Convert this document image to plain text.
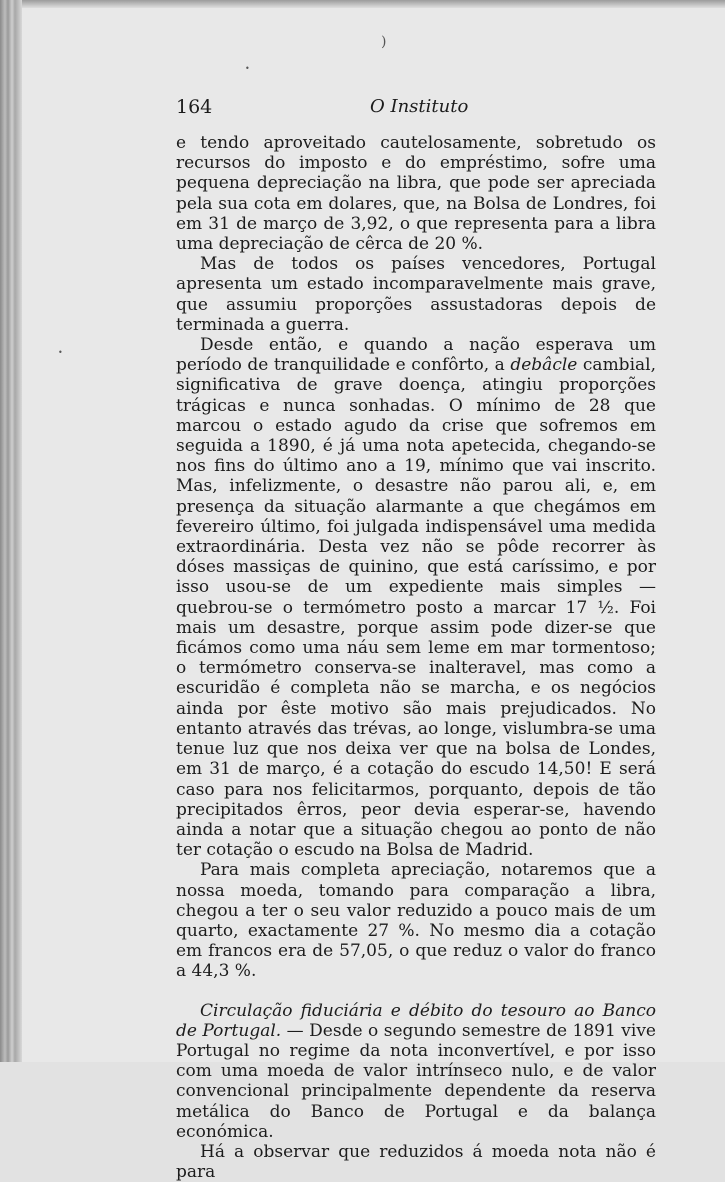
)
•
•
164	O Instituto

e tendo aproveitado cautelosamente, sobretudo os recursos do imposto e do empréstimo, sofre uma pequena depreciação na libra, que pode ser apreciada pela sua cota em dolares, que, na Bolsa de Londres, foi em 31 de março de 3,92, o que representa para a libra uma depreciação de cêrca de 20 %.

Mas de todos os países vencedores, Portugal apresenta um estado incomparavelmente mais grave, que assumiu proporções assustadoras depois de terminada a guerra.

Desde então, e quando a nação esperava um período de tranquilidade e confôrto, a debâcle cambial, significativa de grave doença, atingiu proporções trágicas e nunca sonhadas. O mínimo de 28 que marcou o estado agudo da crise que sofremos em seguida a 1890, é já uma nota apetecida, chegando-se nos fins do último ano a 19, mínimo que vai inscrito. Mas, infelizmente, o desastre não parou ali, e, em presença da situação alarmante a que chegámos em fevereiro último, foi julgada indispensável uma medida extraordinária. Desta vez não se pôde recorrer às dóses massiças de quinino, que está caríssimo, e por isso usou-se de um expediente mais simples — quebrou-se o termómetro posto a marcar 17 ½. Foi mais um desastre, porque assim pode dizer-se que ficámos como uma náu sem leme em mar tormentoso; o termómetro conserva-se inalteravel, mas como a escuridão é completa não se marcha, e os negócios ainda por êste motivo são mais prejudicados. No entanto através das trévas, ao longe, vislumbra-se uma tenue luz que nos deixa ver que na bolsa de Londes, em 31 de março, é a cotação do escudo 14,50! E será caso para nos felicitarmos, porquanto, depois de tão precipitados êrros, peor devia esperar-se, havendo ainda a notar que a situação chegou ao ponto de não ter cotação o escudo na Bolsa de Madrid.

Para mais completa apreciação, notaremos que a nossa moeda, tomando para comparação a libra, chegou a ter o seu valor reduzido a pouco mais de um quarto, exactamente 27 %. No mesmo dia a cotação em francos era de 57,05, o que reduz o valor do franco a 44,3 %.

Circulação fiduciária e débito do tesouro ao Banco de Portugal. — Desde o segundo semestre de 1891 vive Portugal no regime da nota inconvertível, e por isso com uma moeda de valor intrínseco nulo, e de valor convencional principalmente dependente da reserva metálica do Banco de Portugal e da balança económica.

Há a observar que reduzidos á moeda nota não é para
